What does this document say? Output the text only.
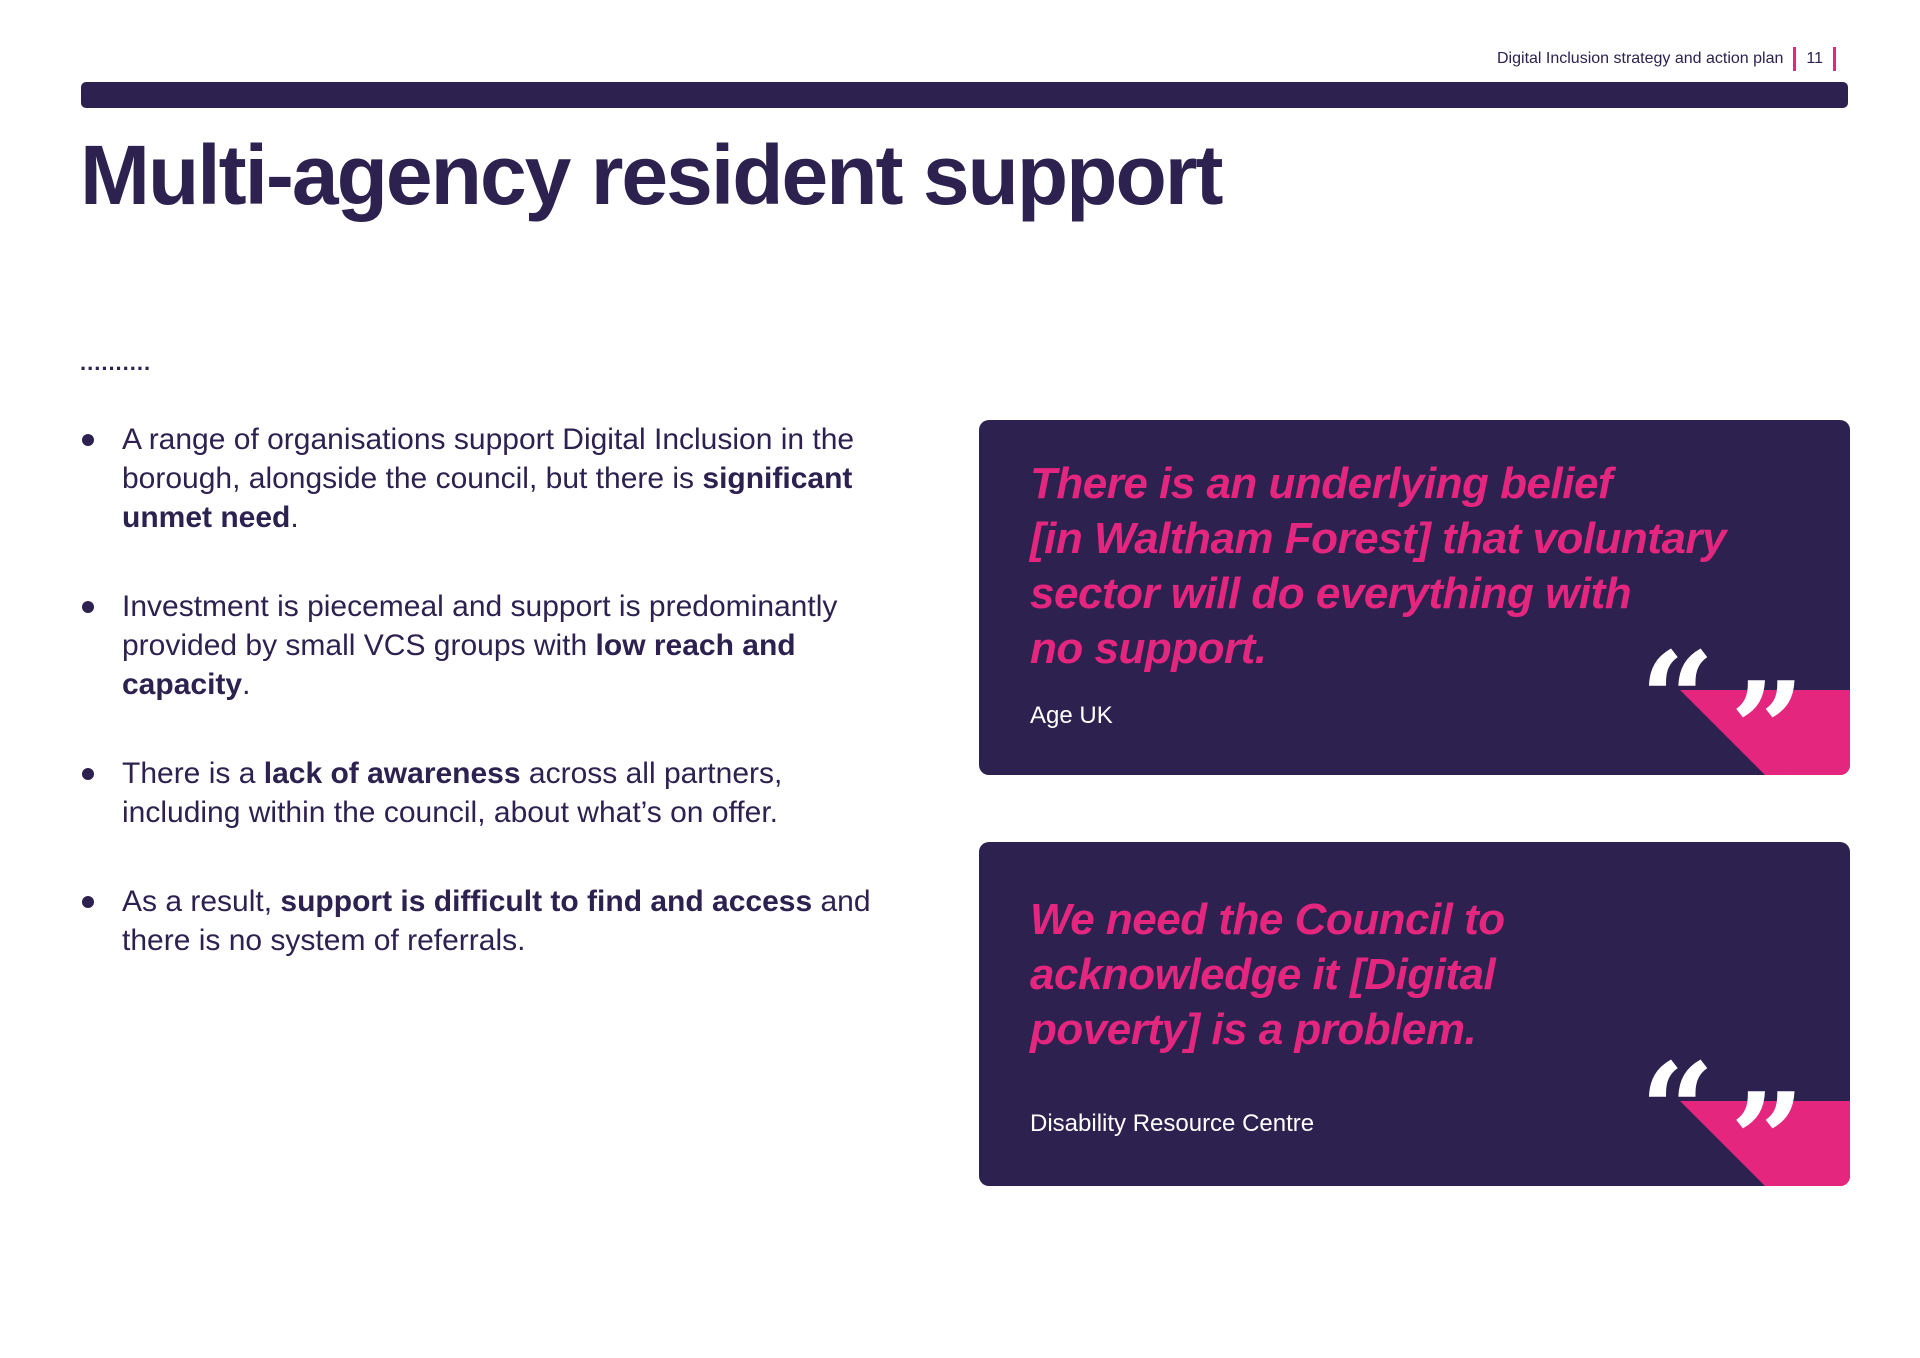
Digital Inclusion strategy and action plan 11
Multi-agency resident support
..........
A range of organisations support Digital Inclusion in the borough, alongside the council, but there is significant unmet need.
Investment is piecemeal and support is predominantly provided by small VCS groups with low reach and capacity.
There is a lack of awareness across all partners, including within the council, about what’s on offer.
As a result, support is difficult to find and access and there is no system of referrals.

There is an underlying belief
[in Waltham Forest] that voluntary
sector will do everything with
no support.

Age UK	“ ”

We need the Council to
acknowledge it [Digital
poverty] is a problem.

Disability Resource Centre	“ ”
